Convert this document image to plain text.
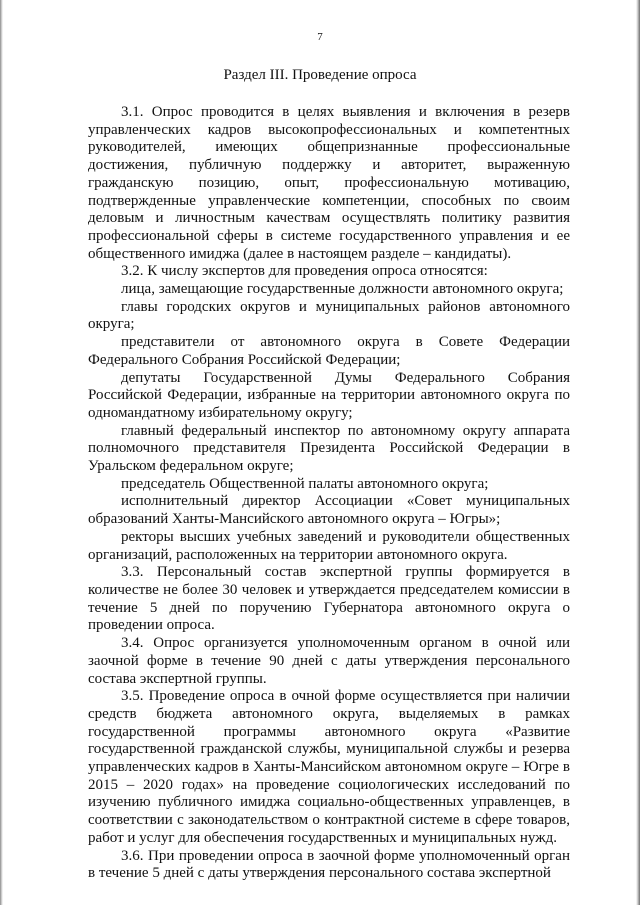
7
Раздел III. Проведение опроса

3.1. Опрос проводится в целях выявления и включения в резерв управленческих кадров высокопрофессиональных и компетентных руководителей, имеющих общепризнанные профессиональные достижения, публичную поддержку и авторитет, выраженную гражданскую позицию, опыт, профессиональную мотивацию, подтвержденные управленческие компетенции, способных по своим деловым и личностным качествам осуществлять политику развития профессиональной сферы в системе государственного управления и ее общественного имиджа (далее в настоящем разделе – кандидаты).

3.2. К числу экспертов для проведения опроса относятся:

лица, замещающие государственные должности автономного округа;

главы городских округов и муниципальных районов автономного округа;

представители от автономного округа в Совете Федерации Федерального Собрания Российской Федерации;

депутаты Государственной Думы Федерального Собрания Российской Федерации, избранные на территории автономного округа по одномандатному избирательному округу;

главный федеральный инспектор по автономному округу аппарата полномочного представителя Президента Российской Федерации в Уральском федеральном округе;

председатель Общественной палаты автономного округа;

исполнительный директор Ассоциации «Совет муниципальных образований Ханты-Мансийского автономного округа – Югры»;

ректоры высших учебных заведений и руководители общественных организаций, расположенных на территории автономного округа.

3.3. Персональный состав экспертной группы формируется в количестве не более 30 человек и утверждается председателем комиссии в течение 5 дней по поручению Губернатора автономного округа о проведении опроса.

3.4. Опрос организуется уполномоченным органом в очной или заочной форме в течение 90 дней с даты утверждения персонального состава экспертной группы.

3.5. Проведение опроса в очной форме осуществляется при наличии средств бюджета автономного округа, выделяемых в рамках государственной программы автономного округа «Развитие государственной гражданской службы, муниципальной службы и резерва управленческих кадров в Ханты-Мансийском автономном округе – Югре в 2015 – 2020 годах» на проведение социологических исследований по изучению публичного имиджа социально-общественных управленцев, в соответствии с законодательством о контрактной системе в сфере товаров, работ и услуг для обеспечения государственных и муниципальных нужд.

3.6. При проведении опроса в заочной форме уполномоченный орган в течение 5 дней с даты утверждения персонального состава экспертной
